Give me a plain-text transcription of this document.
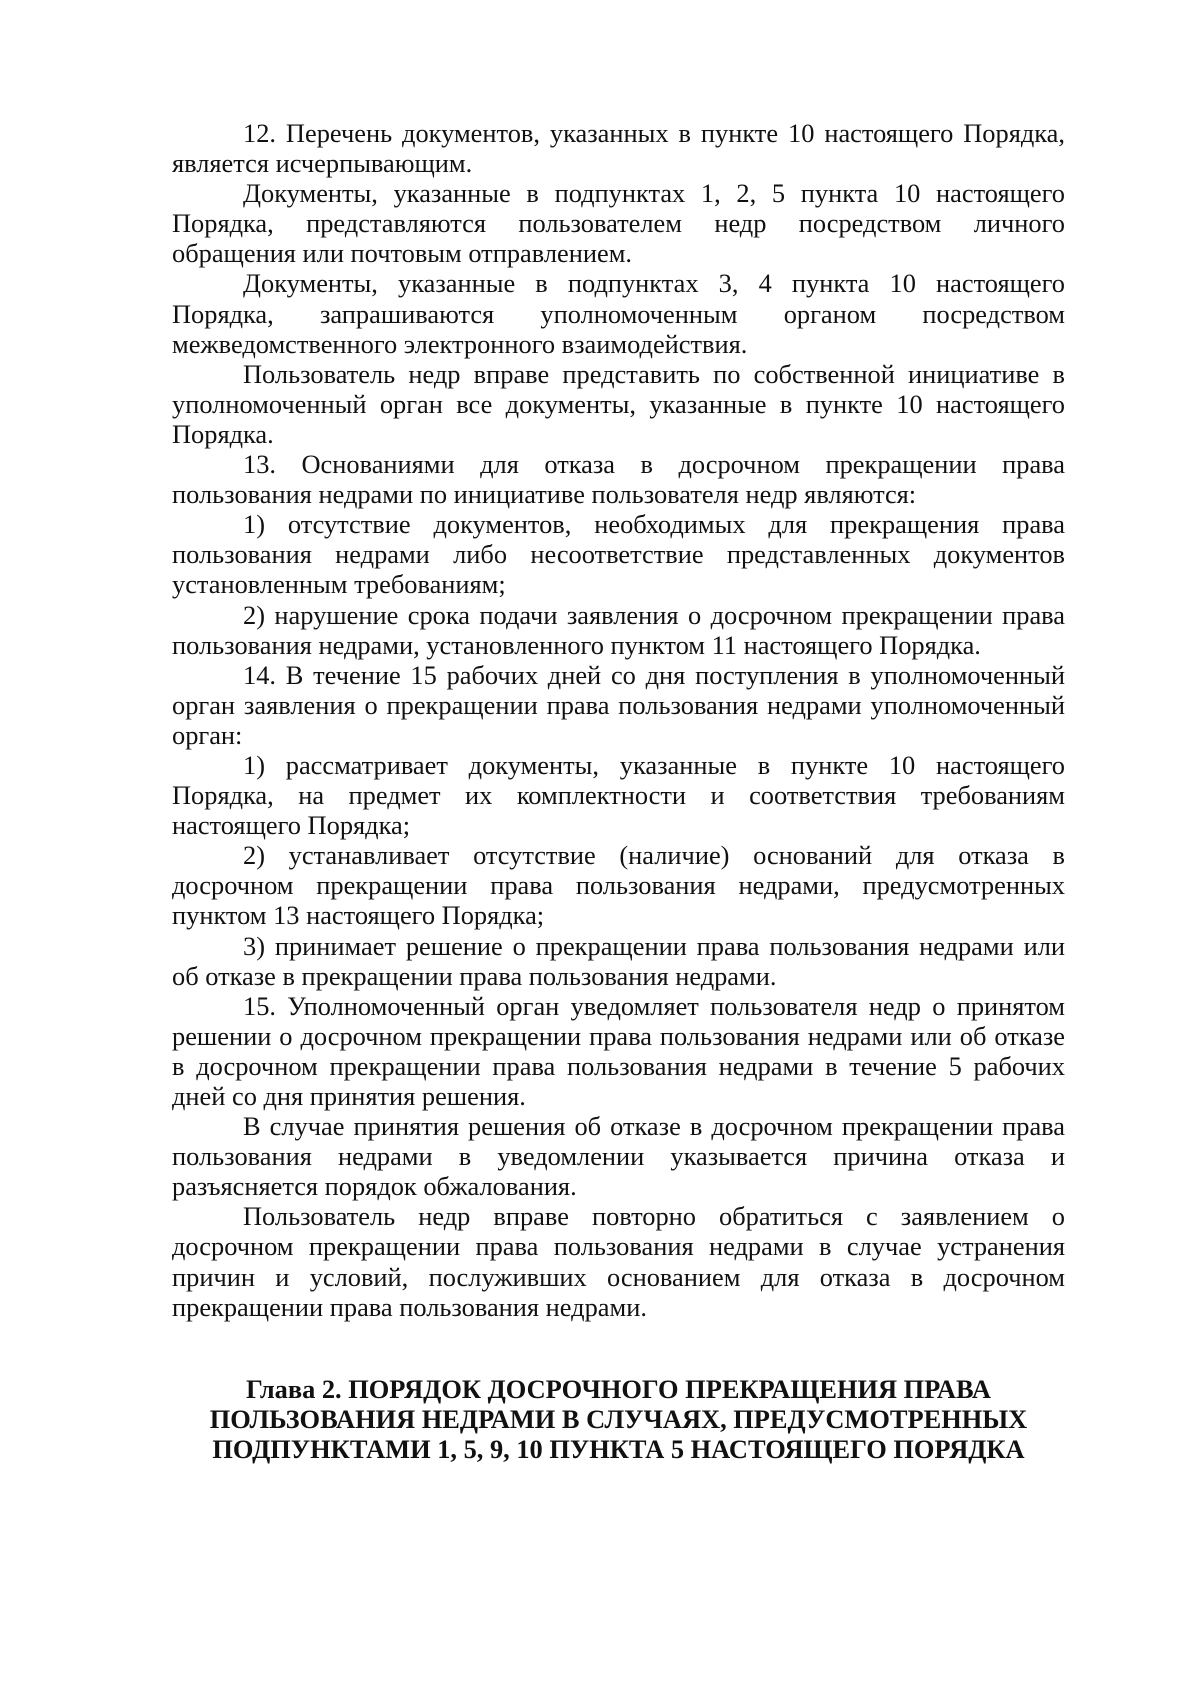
12. Перечень документов, указанных в пункте 10 настоящего Порядка, является исчерпывающим.

Документы, указанные в подпунктах 1, 2, 5 пункта 10 настоящего Порядка, представляются пользователем недр посредством личного обращения или почтовым отправлением.

Документы, указанные в подпунктах 3, 4 пункта 10 настоящего Порядка, запрашиваются уполномоченным органом посредством межведомственного электронного взаимодействия.

Пользователь недр вправе представить по собственной инициативе в уполномоченный орган все документы, указанные в пункте 10 настоящего Порядка.

13. Основаниями для отказа в досрочном прекращении права пользования недрами по инициативе пользователя недр являются:

1) отсутствие документов, необходимых для прекращения права пользования недрами либо несоответствие представленных документов установленным требованиям;

2) нарушение срока подачи заявления о досрочном прекращении права пользования недрами, установленного пунктом 11 настоящего Порядка.

14. В течение 15 рабочих дней со дня поступления в уполномоченный орган заявления о прекращении права пользования недрами уполномоченный орган:

1) рассматривает документы, указанные в пункте 10 настоящего Порядка, на предмет их комплектности и соответствия требованиям настоящего Порядка;

2) устанавливает отсутствие (наличие) оснований для отказа в досрочном прекращении права пользования недрами, предусмотренных пунктом 13 настоящего Порядка;

3) принимает решение о прекращении права пользования недрами или об отказе в прекращении права пользования недрами.

15. Уполномоченный орган уведомляет пользователя недр о принятом решении о досрочном прекращении права пользования недрами или об отказе в досрочном прекращении права пользования недрами в течение 5 рабочих дней со дня принятия решения.

В случае принятия решения об отказе в досрочном прекращении права пользования недрами в уведомлении указывается причина отказа и разъясняется порядок обжалования.

Пользователь недр вправе повторно обратиться с заявлением о досрочном прекращении права пользования недрами в случае устранения причин и условий, послуживших основанием для отказа в досрочном прекращении права пользования недрами.

Глава 2. ПОРЯДОК ДОСРОЧНОГО ПРЕКРАЩЕНИЯ ПРАВА
ПОЛЬЗОВАНИЯ НЕДРАМИ В СЛУЧАЯХ, ПРЕДУСМОТРЕННЫХ
ПОДПУНКТАМИ 1, 5, 9, 10 ПУНКТА 5 НАСТОЯЩЕГО ПОРЯДКА
